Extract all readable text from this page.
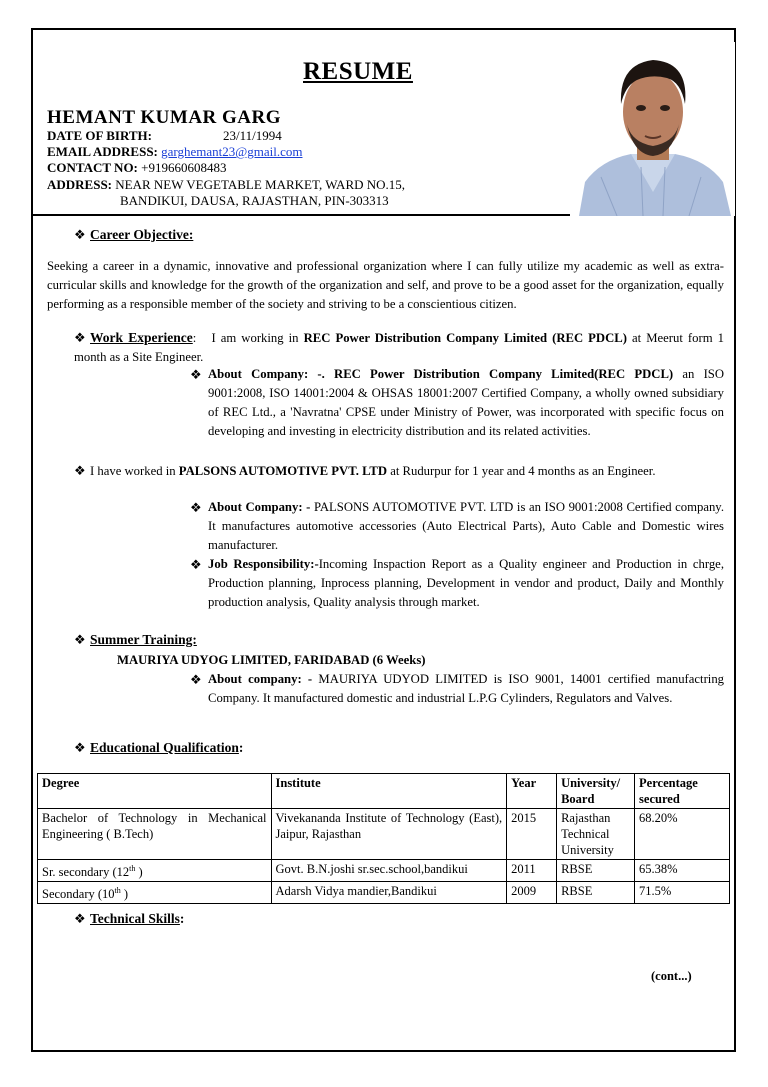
RESUME
HEMANT KUMAR GARG
DATE OF BIRTH:	23/11/1994
EMAIL ADDRESS: garghemant23@gmail.com
CONTACT NO: +919660608483
ADDRESS: NEAR NEW VEGETABLE MARKET, WARD NO.15,
BANDIKUI, DAUSA, RAJASTHAN, PIN-303313
❖ Career Objective:
Seeking a career in a dynamic, innovative and professional organization where I can fully utilize my academic as well as extra-curricular skills and knowledge for the growth of the organization and self, and prove to be a good asset for the organization, equally performing as a responsible member of the society and striving to be a conscientious citizen.
❖ Work Experience: I am working in REC Power Distribution Company Limited (REC PDCL) at Meerut form 1 month as a Site Engineer.
❖ About Company: -. REC Power Distribution Company Limited(REC PDCL) an ISO 9001:2008, ISO 14001:2004 & OHSAS 18001:2007 Certified Company, a wholly owned subsidiary of REC Ltd., a 'Navratna' CPSE under Ministry of Power, was incorporated with specific focus on developing and investing in electricity distribution and its related activities.
❖ I have worked in PALSONS AUTOMOTIVE PVT. LTD at Rudurpur for 1 year and 4 months as an Engineer.
❖ About Company: - PALSONS AUTOMOTIVE PVT. LTD is an ISO 9001:2008 Certified company. It manufactures automotive accessories (Auto Electrical Parts), Auto Cable and Domestic wires manufacturer.
❖ Job Responsibility:-Incoming Inspaction Report as a Quality engineer and Production in chrge, Production planning, Inprocess planning, Development in vendor and product, Daily and Monthly production analysis, Quality analysis through market.
❖ Summer Training:
MAURIYA UDYOG LIMITED, FARIDABAD (6 Weeks)
❖ About company: - MAURIYA UDYOD LIMITED is ISO 9001, 14001 certified manufactring Company. It manufactured domestic and industrial L.P.G Cylinders, Regulators and Valves.
❖ Educational Qualification:
Degree	Institute	Year	University/ Board	Percentage secured
Bachelor of Technology in Mechanical Engineering ( B.Tech)	Vivekananda Institute of Technology (East), Jaipur, Rajasthan	2015	Rajasthan Technical University	68.20%
Sr. secondary (12th )	Govt. B.N.joshi sr.sec.school,bandikui	2011	RBSE	65.38%
Secondary (10th )	Adarsh Vidya mandier,Bandikui	2009	RBSE	71.5%
❖ Technical Skills:
(cont...)
